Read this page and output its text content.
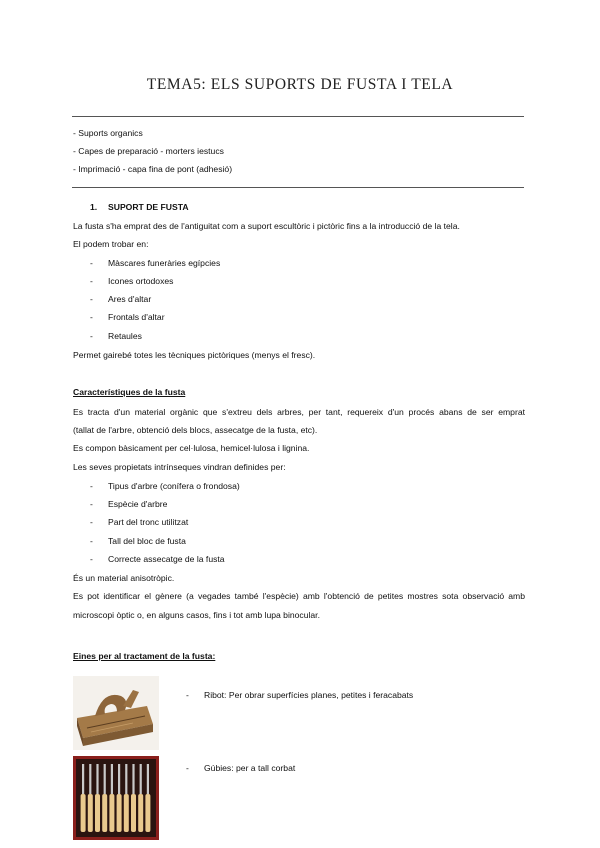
TEMA5: ELS SUPORTS DE FUSTA I TELA
- Suports organics
- Capes de preparació - morters iestucs
- Imprimació - capa fina de pont (adhesió)
1. SUPORT DE FUSTA
La fusta s'ha emprat des de l'antiguitat com a suport escultòric i pictòric fins a la introducció de la tela.
El podem trobar en:
- Màscares funeràries egípcies
- Icones ortodoxes
- Ares d'altar
- Frontals d'altar
- Retaules
Permet gairebé totes les tècniques pictòriques (menys el fresc).
Característiques de la fusta
Es tracta d'un material orgànic que s'extreu dels arbres, per tant, requereix d'un procés abans de ser emprat
(tallat de l'arbre, obtenció dels blocs, assecatge de la fusta, etc).
Es compon bàsicament per cel·lulosa, hemicel·lulosa i lignina.
Les seves propietats intrínseques vindran definides per:
- Tipus d'arbre (conífera o frondosa)
- Espècie d'arbre
- Part del tronc utilitzat
- Tall del bloc de fusta
- Correcte assecatge de la fusta
És un material anisotròpic.
Es pot identificar el gènere (a vegades també l'espècie) amb l'obtenció de petites mostres sota observació amb
microscopi òptic o, en alguns casos, fins i tot amb lupa binocular.
Eines per al tractament de la fusta:
- Ribot: Per obrar superfícies planes, petites i feracabats
- Gúbies: per a tall corbat
